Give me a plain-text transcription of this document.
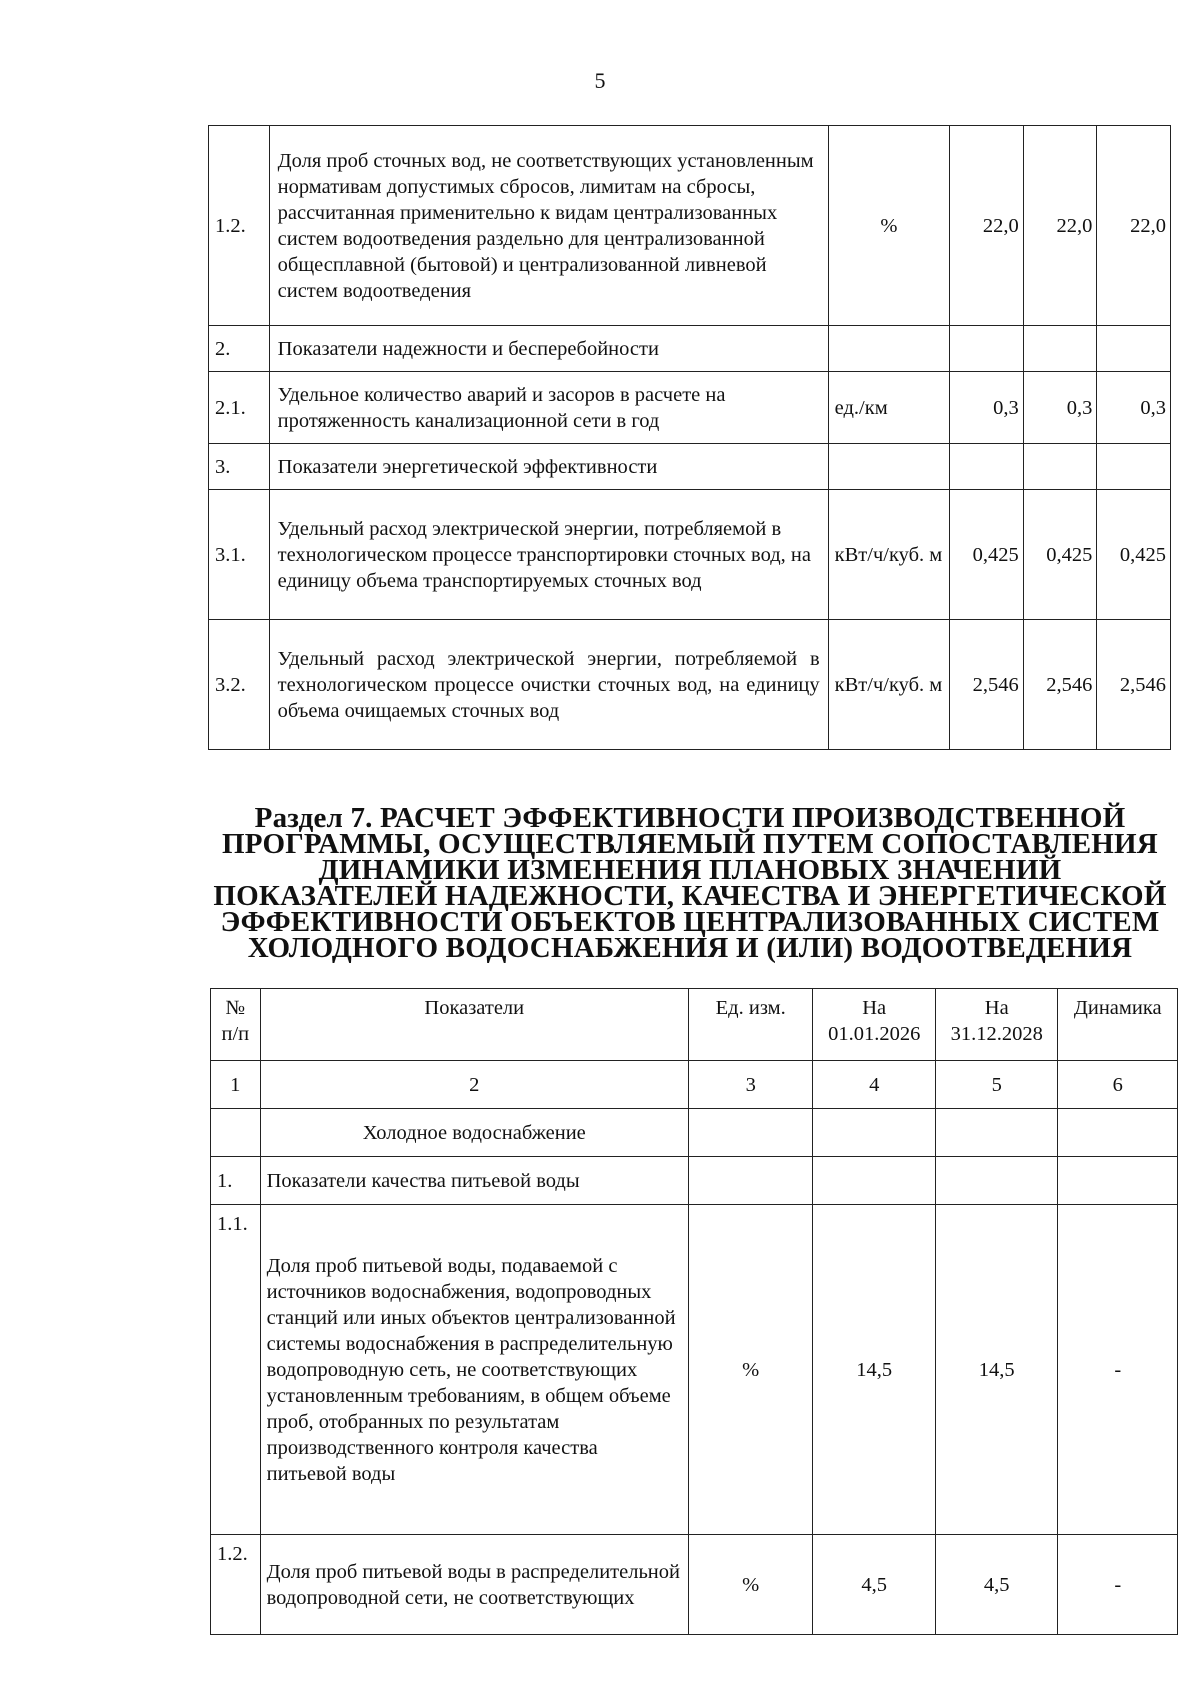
5
1.2.	Доля проб сточных вод, не соответствующих установленным нормативам допустимых сбросов, лимитам на сбросы, рассчитанная применительно к видам централизованных систем водоотведения раздельно для централизованной общесплавной (бытовой) и централизованной ливневой систем водоотведения	%	22,0	22,0	22,0
2.	Показатели надежности и бесперебойности				
2.1.	Удельное количество аварий и засоров в расчете на протяженность канализационной сети в год	ед./км	0,3	0,3	0,3
3.	Показатели энергетической эффективности				
3.1.	Удельный расход электрической энергии, потребляемой в технологическом процессе транспортировки сточных вод, на единицу объема транспортируемых сточных вод	кВт/ч/куб. м	0,425	0,425	0,425
3.2.	Удельный расход электрической энергии, потребляемой в технологическом процессе очистки сточных вод, на единицу объема очищаемых сточных вод	кВт/ч/куб. м	2,546	2,546	2,546
Раздел 7. РАСЧЕТ ЭФФЕКТИВНОСТИ ПРОИЗВОДСТВЕННОЙ
ПРОГРАММЫ, ОСУЩЕСТВЛЯЕМЫЙ ПУТЕМ СОПОСТАВЛЕНИЯ
ДИНАМИКИ ИЗМЕНЕНИЯ ПЛАНОВЫХ ЗНАЧЕНИЙ
ПОКАЗАТЕЛЕЙ НАДЕЖНОСТИ, КАЧЕСТВА И ЭНЕРГЕТИЧЕСКОЙ
ЭФФЕКТИВНОСТИ ОБЪЕКТОВ ЦЕНТРАЛИЗОВАННЫХ СИСТЕМ
ХОЛОДНОГО ВОДОСНАБЖЕНИЯ И (ИЛИ) ВОДООТВЕДЕНИЯ
№ п/п	Показатели	Ед. изм.	На 01.01.2026	На 31.12.2028	Динамика
1	2	3	4	5	6
	Холодное водоснабжение				
1.	Показатели качества питьевой воды				
1.1.	Доля проб питьевой воды, подаваемой с источников водоснабжения, водопроводных станций или иных объектов централизованной системы водоснабжения в распределительную водопроводную сеть, не соответствующих установленным требованиям, в общем объеме проб, отобранных по результатам производственного контроля качества питьевой воды	%	14,5	14,5	-
1.2.	Доля проб питьевой воды в распределительной водопроводной сети, не соответствующих	%	4,5	4,5	-
